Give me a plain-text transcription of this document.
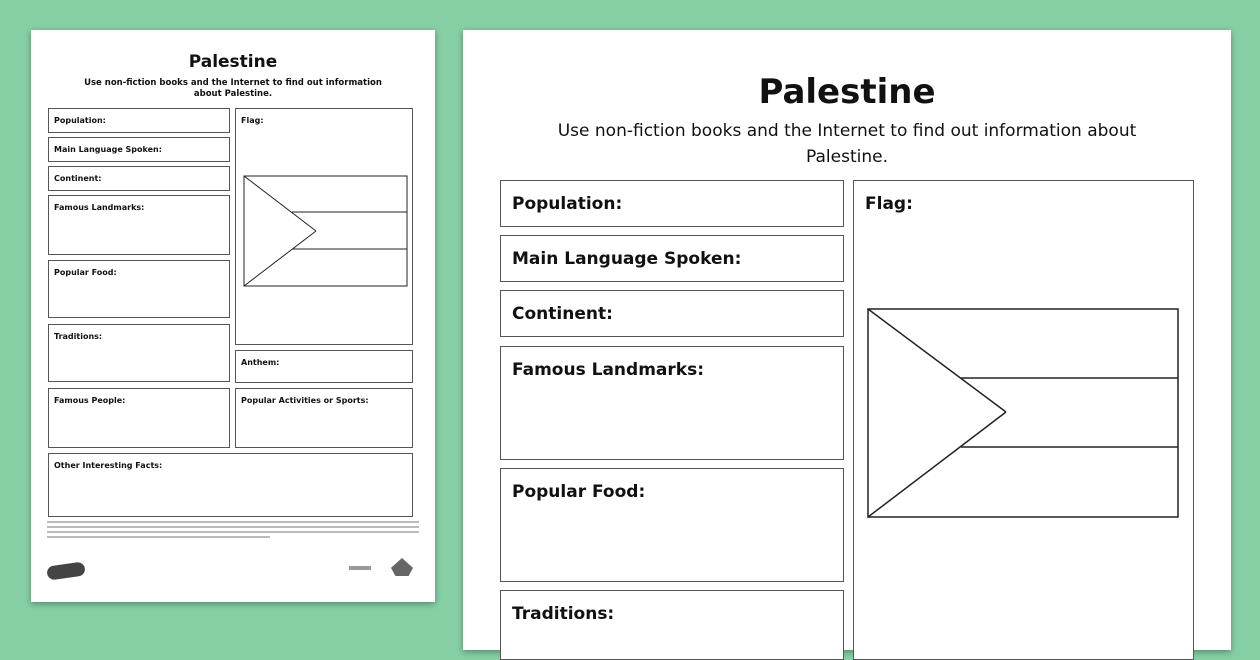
Palestine
Use non-fiction books and the Internet to find out information about Palestine.
Population:
Main Language Spoken:
Continent:
Famous Landmarks:
Popular Food:
Traditions:
Famous People:
Flag:
Anthem:
Popular Activities or Sports:
Other Interesting Facts:
Palestine
Use non-fiction books and the Internet to find out information about Palestine.
Population:
Main Language Spoken:
Continent:
Famous Landmarks:
Popular Food:
Traditions:
Flag:
